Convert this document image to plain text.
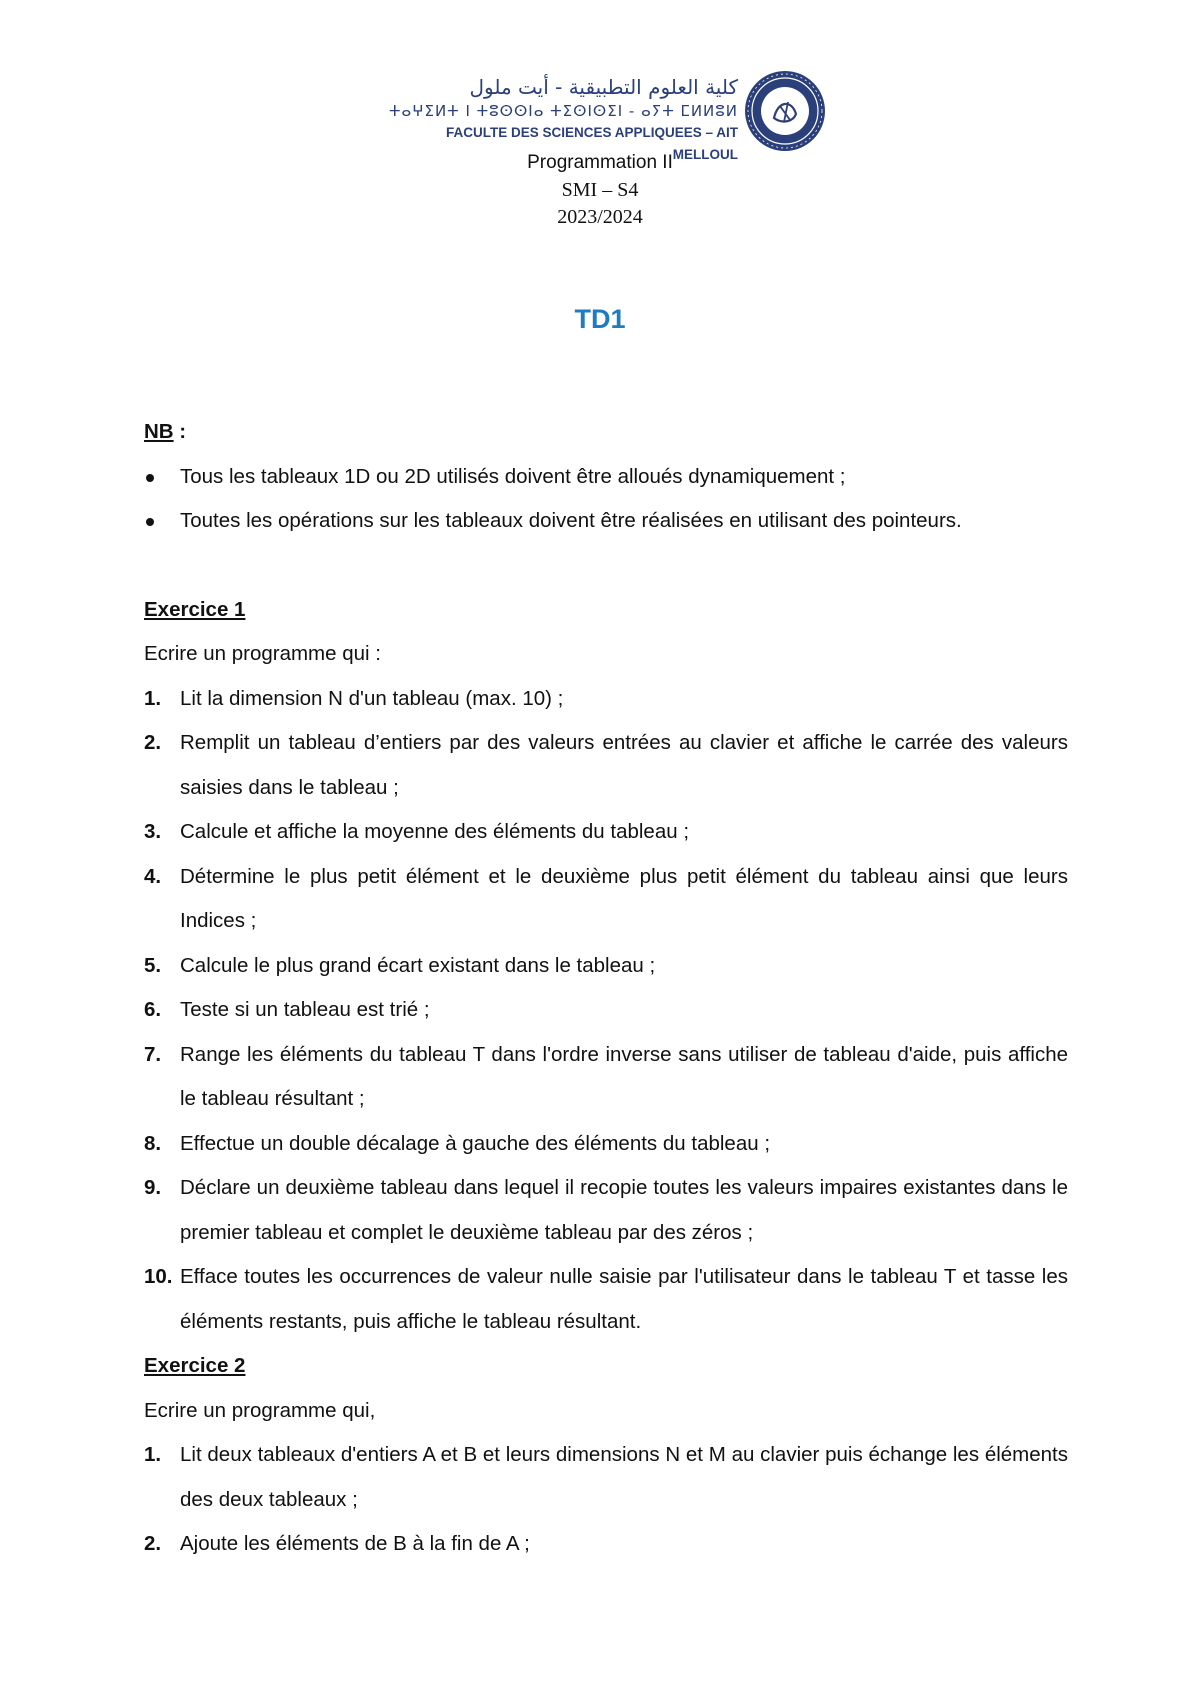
كلية العلوم التطبيقية - أيت ملول
ⵜⴰⵖⵉⵍⵜ ⵏ ⵜⵓⵙⵙⵏⴰ ⵜⵉⵙⵏⵙⵉⵏ - ⴰⵢⵜ ⵎⵍⵍⵓⵍ
FACULTE DES SCIENCES APPLIQUEES – AIT MELLOUL
Programmation II
SMI – S4
2023/2024
TD1

NB :

Tous les tableaux 1D ou 2D utilisés doivent être alloués dynamiquement ;
Toutes les opérations sur les tableaux doivent être réalisées en utilisant des pointeurs.

Exercice 1

Ecrire un programme qui :

1. Lit la dimension N d'un tableau (max. 10) ;
2. Remplit un tableau d’entiers par des valeurs entrées au clavier et affiche le carrée des valeurs saisies dans le tableau ;
3. Calcule et affiche la moyenne des éléments du tableau ;
4. Détermine le plus petit élément et le deuxième plus petit élément du tableau ainsi que leurs Indices ;
5. Calcule le plus grand écart existant dans le tableau ;
6. Teste si un tableau est trié ;
7. Range les éléments du tableau T dans l'ordre inverse sans utiliser de tableau d'aide, puis affiche le tableau résultant ;
8. Effectue un double décalage à gauche des éléments du tableau ;
9. Déclare un deuxième tableau dans lequel il recopie toutes les valeurs impaires existantes dans le premier tableau et complet le deuxième tableau par des zéros ;
10. Efface toutes les occurrences de valeur nulle saisie par l'utilisateur dans le tableau T et tasse les éléments restants, puis affiche le tableau résultant.

Exercice 2

Ecrire un programme qui,

1. Lit deux tableaux d'entiers A et B et leurs dimensions N et M au clavier puis échange les éléments des deux tableaux ;
2. Ajoute les éléments de B à la fin de A ;
